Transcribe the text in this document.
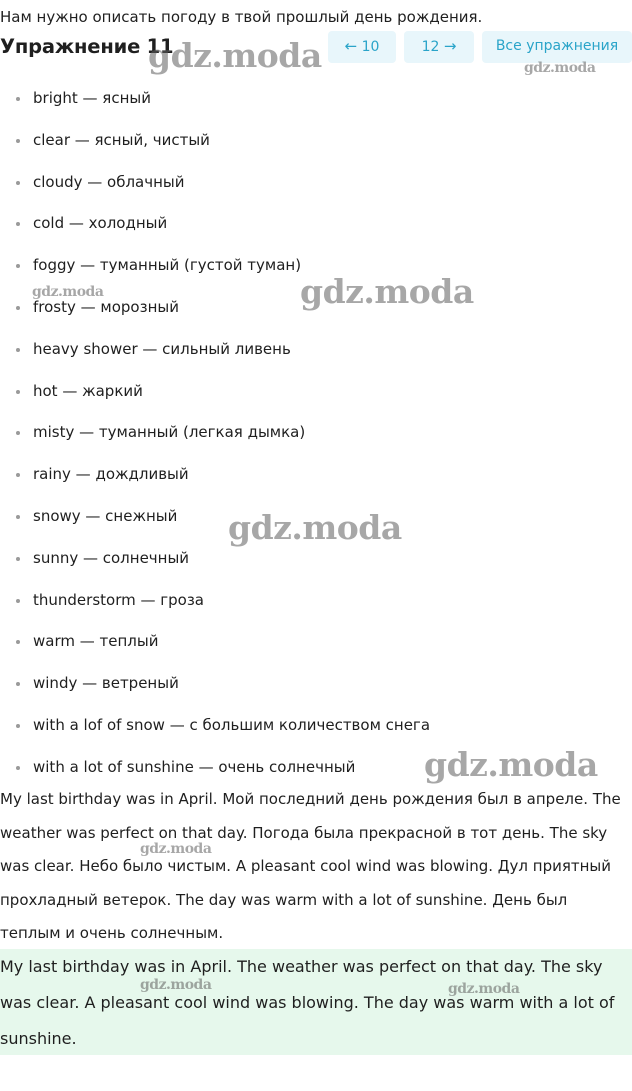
Нам нужно описать погоду в твой прошлый день рождения.

Упражнение 11	← 10	12 →	Все упражнения
bright — ясный
clear — ясный, чистый
cloudy — облачный
cold — холодный
foggy — туманный (густой туман)
frosty — морозный
heavy shower — сильный ливень
hot — жаркий
misty — туманный (легкая дымка)
rainy — дождливый
snowy — снежный
sunny — солнечный
thunderstorm — гроза
warm — теплый
windy — ветреный
with a lof of snow — с большим количеством снега
with a lot of sunshine — очень солнечный

My last birthday was in April. Мой последний день рождения был в апреле. The weather was perfect on that day. Погода была прекрасной в тот день. The sky was clear. Небо было чистым. A pleasant cool wind was blowing. Дул приятный прохладный ветерок. The day was warm with a lot of sunshine. День был теплым и очень солнечным.

My last birthday was in April. The weather was perfect on that day. The sky was clear. A pleasant cool wind was blowing. The day was warm with a lot of sunshine.

gdz.moda	gdz.moda
gdz.moda	gdz.moda
gdz.moda
gdz.moda
gdz.moda
gdz.moda	gdz.moda
